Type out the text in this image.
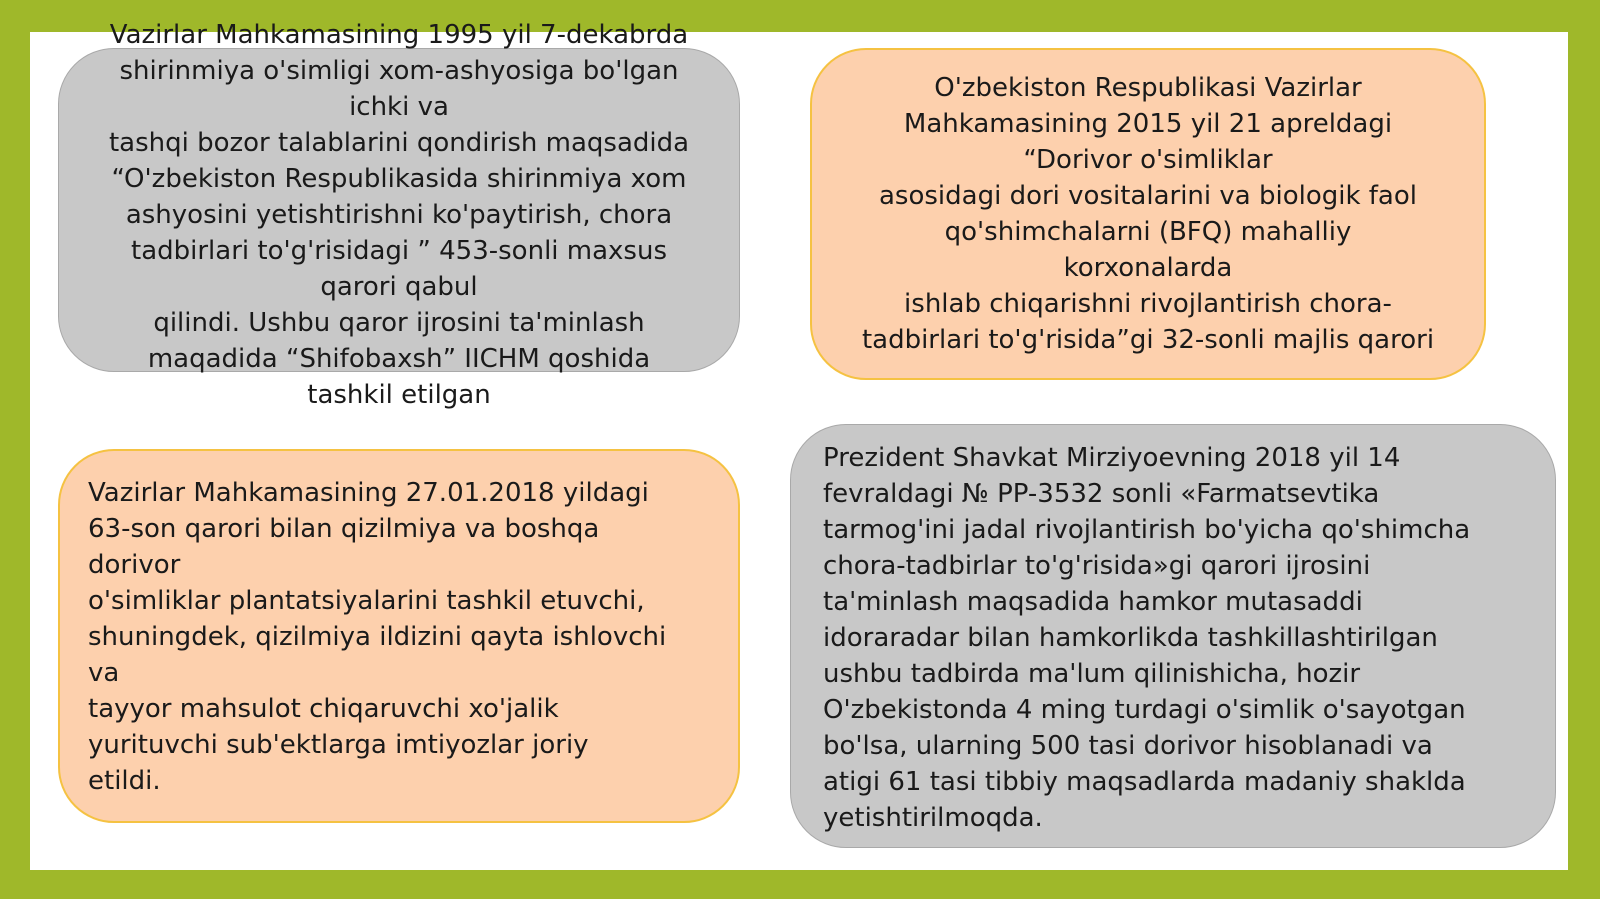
Vazirlar Mahkamasining 1995 yil 7-dekabrda
shirinmiya o'simligi xom-ashyosiga bo'lgan
ichki va
tashqi bozor talablarini qondirish maqsadida
“O'zbekiston Respublikasida shirinmiya xom
ashyosini yetishtirishni ko'paytirish, chora
tadbirlari to'g'risidagi ” 453-sonli maxsus
qarori qabul
qilindi. Ushbu qaror ijrosini ta'minlash
maqadida “Shifobaxsh” IICHM qoshida
tashkil etilgan

O'zbekiston Respublikasi Vazirlar
Mahkamasining 2015 yil 21 apreldagi
“Dorivor o'simliklar
asosidagi dori vositalarini va biologik faol
qo'shimchalarni (BFQ) mahalliy
korxonalarda
ishlab chiqarishni rivojlantirish chora-
tadbirlari to'g'risida”gi 32-sonli majlis qarori

Vazirlar Mahkamasining 27.01.2018 yildagi
63-son qarori bilan qizilmiya va boshqa
dorivor
o'simliklar plantatsiyalarini tashkil etuvchi,
shuningdek, qizilmiya ildizini qayta ishlovchi
va
tayyor mahsulot chiqaruvchi xo'jalik
yurituvchi sub'ektlarga imtiyozlar joriy
etildi.

Prezident Shavkat Mirziyoevning 2018 yil 14
fevraldagi № PP-3532 sonli «Farmatsevtika
tarmog'ini jadal rivojlantirish bo'yicha qo'shimcha
chora-tadbirlar to'g'risida»gi qarori ijrosini
ta'minlash maqsadida hamkor mutasaddi
idoraradar bilan hamkorlikda tashkillashtirilgan
ushbu tadbirda ma'lum qilinishicha, hozir
O'zbekistonda 4 ming turdagi o'simlik o'sayotgan
bo'lsa, ularning 500 tasi dorivor hisoblanadi va
atigi 61 tasi tibbiy maqsadlarda madaniy shaklda
yetishtirilmoqda.
